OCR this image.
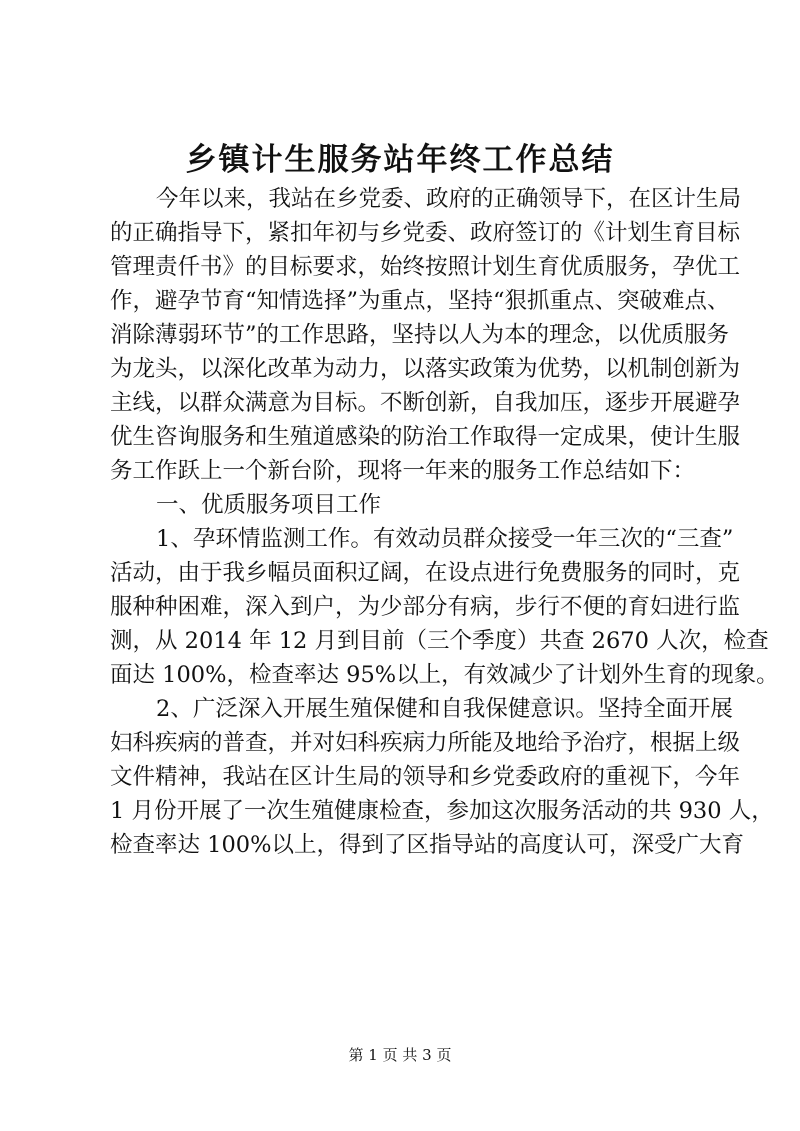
乡镇计生服务站年终工作总结
今年以来，我站在乡党委、政府的正确领导下，在区计生局
的正确指导下，紧扣年初与乡党委、政府签订的《计划生育目标
管理责仟书》的目标要求，始终按照计划生育优质服务，孕优工
作，避孕节育“知情选择”为重点，坚持“狠抓重点、突破难点、
消除薄弱环节”的工作思路，坚持以人为本的理念，以优质服务
为龙头，以深化改革为动力，以落实政策为优势，以机制创新为
主线，以群众满意为目标。不断创新，自我加压，逐步开展避孕
优生咨询服务和生殖道感染的防治工作取得一定成果，使计生服
务工作跃上一个新台阶，现将一年来的服务工作总结如下：
一、优质服务项目工作
1、孕环情监测工作。有效动员群众接受一年三次的“三查”
活动，由于我乡幅员面积辽阔，在设点进行免费服务的同时，克
服种种困难，深入到户，为少部分有病，步行不便的育妇进行监
测，从 2014 年 12 月到目前（三个季度）共查 2670 人次，检查
面达 100%，检查率达 95%以上，有效减少了计划外生育的现象。
2、广泛深入开展生殖保健和自我保健意识。坚持全面开展
妇科疾病的普查，并对妇科疾病力所能及地给予治疗，根据上级
文件精神，我站在区计生局的领导和乡党委政府的重视下，今年
1 月份开展了一次生殖健康检查，参加这次服务活动的共 930 人，
检查率达 100%以上，得到了区指导站的高度认可，深受广大育
第 1 页 共 3 页
